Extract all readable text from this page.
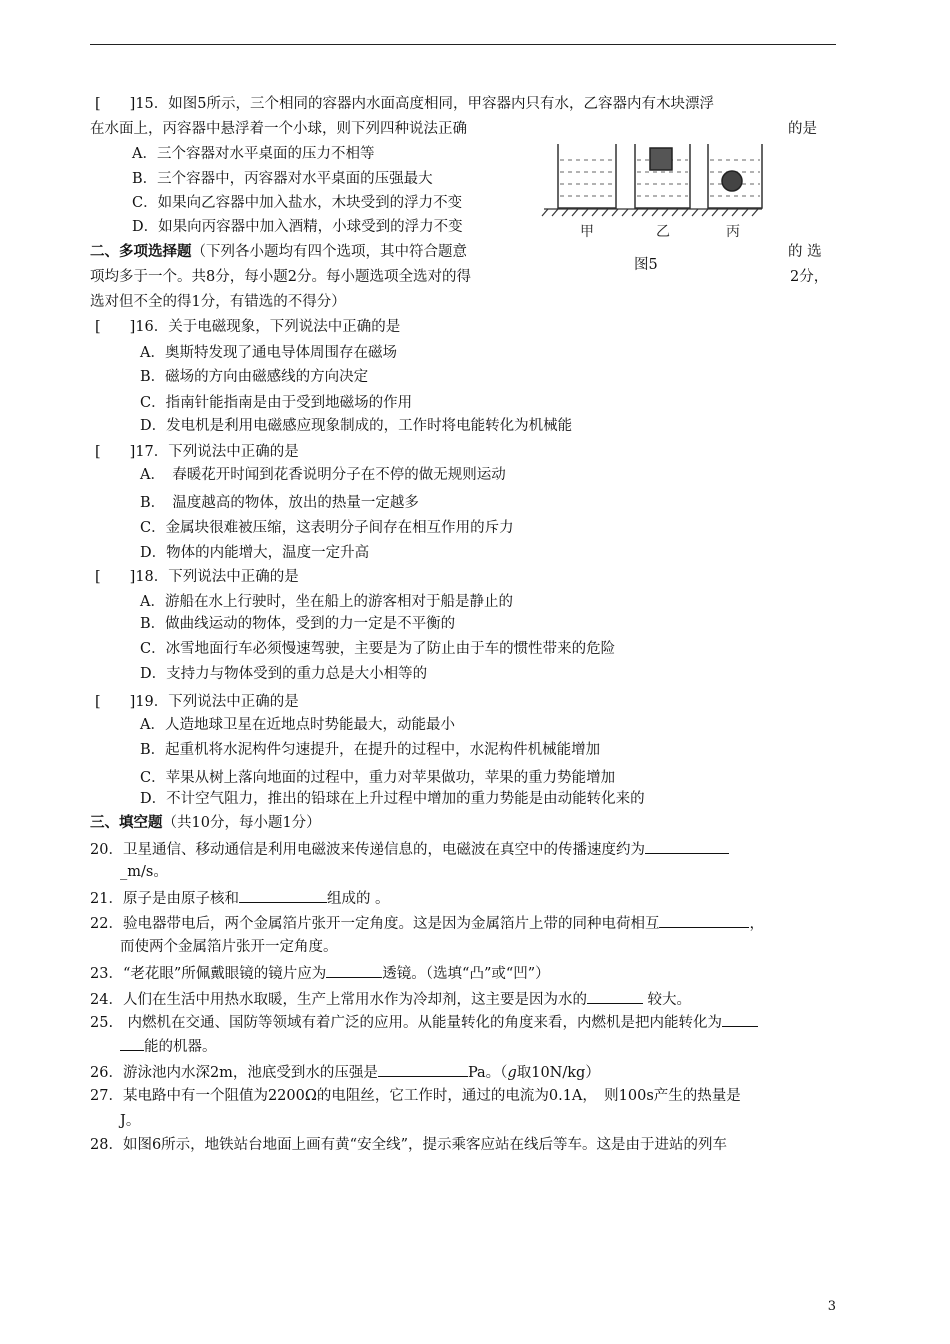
[　　]15．如图5所示，三个相同的容器内水面高度相同，甲容器内只有水，乙容器内有木块漂浮
在水面上，丙容器中悬浮着一个小球，则下列四种说法正确	的是
A．三个容器对水平桌面的压力不相等
B．三个容器中，丙容器对水平桌面的压强最大
C．如果向乙容器中加入盐水，木块受到的浮力不变
D．如果向丙容器中加入酒精，小球受到的浮力不变	甲	乙	丙
图5
二、多项选择题（下列各小题均有四个选项，其中符合题意	的 选
项均多于一个。共8分，每小题2分。每小题选项全选对的得	2分，
选对但不全的得1分，有错选的不得分）
[　　]16．关于电磁现象，下列说法中正确的是
A．奥斯特发现了通电导体周围存在磁场
B．磁场的方向由磁感线的方向决定
C．指南针能指南是由于受到地磁场的作用
D．发电机是利用电磁感应现象制成的，工作时将电能转化为机械能
[　　]17．下列说法中正确的是
A．　春暖花开时闻到花香说明分子在不停的做无规则运动
B．　温度越高的物体，放出的热量一定越多
C．金属块很难被压缩，这表明分子间存在相互作用的斥力
D．物体的内能增大，温度一定升高
[　　]18．下列说法中正确的是
A．游船在水上行驶时，坐在船上的游客相对于船是静止的
B．做曲线运动的物体，受到的力一定是不平衡的
C．冰雪地面行车必须慢速驾驶，主要是为了防止由于车的惯性带来的危险
D．支持力与物体受到的重力总是大小相等的
[　　]19．下列说法中正确的是
A．人造地球卫星在近地点时势能最大，动能最小
B．起重机将水泥构件匀速提升，在提升的过程中，水泥构件机械能增加
C．苹果从树上落向地面的过程中，重力对苹果做功，苹果的重力势能增加
D．不计空气阻力，推出的铅球在上升过程中增加的重力势能是由动能转化来的
三、填空题（共10分，每小题1分）
20．卫星通信、移动通信是利用电磁波来传递信息的，电磁波在真空中的传播速度约为
_m/s。
21．原子是由原子核和	组成的 。
22．验电器带电后，两个金属箔片张开一定角度。这是因为金属箔片上带的同种电荷相互	，
而使两个金属箔片张开一定角度。
23．“老花眼”所佩戴眼镜的镜片应为	透镜。（选填“凸”或“凹”）
24．人们在生活中用热水取暖，生产上常用水作为冷却剂，这主要是因为水的	较大。
25.　内燃机在交通、国防等领域有着广泛的应用。从能量转化的角度来看，内燃机是把内能转化为
能的机器。
26．游泳池内水深2m，池底受到水的压强是	Pa。（g取10N/kg）
27．某电路中有一个阻值为2200Ω的电阻丝，它工作时，通过的电流为0.1A，　则100s产生的热量是
J。
28．如图6所示，地铁站台地面上画有黄“安全线”，提示乘客应站在线后等车。这是由于进站的列车
3
